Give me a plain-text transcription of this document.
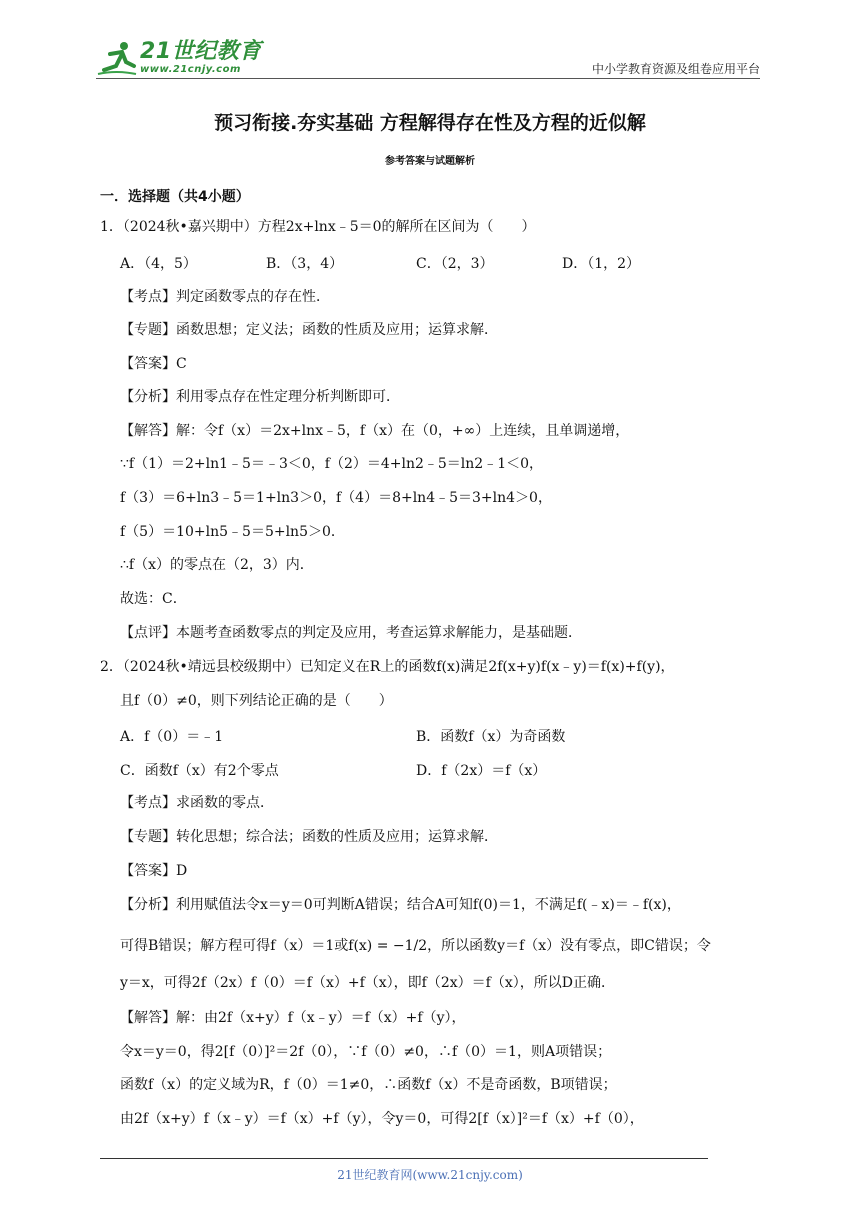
21世纪教育
www.21cnjy.com	中小学教育资源及组卷应用平台
预习衔接.夯实基础 方程解得存在性及方程的近似解
参考答案与试题解析
一．选择题（共4小题）
1．（2024秋•嘉兴期中）方程2x+lnx﹣5＝0的解所在区间为（　　）
A．（4，5）	B．（3，4）	C．（2，3）	D．（1，2）
【考点】判定函数零点的存在性．
【专题】函数思想；定义法；函数的性质及应用；运算求解．
【答案】C
【分析】利用零点存在性定理分析判断即可．
【解答】解：令f（x）＝2x+lnx﹣5，f（x）在（0，+∞）上连续，且单调递增，
∵f（1）＝2+ln1﹣5＝﹣3＜0，f（2）＝4+ln2﹣5＝ln2﹣1＜0，
f（3）＝6+ln3﹣5＝1+ln3＞0，f（4）＝8+ln4﹣5＝3+ln4＞0，
f（5）＝10+ln5﹣5＝5+ln5＞0．
∴f（x）的零点在（2，3）内．
故选：C．
【点评】本题考查函数零点的判定及应用，考查运算求解能力，是基础题．
2．（2024秋•靖远县校级期中）已知定义在R上的函数f(x)满足2f(x+y)f(x﹣y)＝f(x)+f(y)，
且f（0）≠0，则下列结论正确的是（　　）
A．f（0）＝﹣1	B．函数f（x）为奇函数
C．函数f（x）有2个零点	D．f（2x）＝f（x）
【考点】求函数的零点．
【专题】转化思想；综合法；函数的性质及应用；运算求解．
【答案】D
【分析】利用赋值法令x＝y＝0可判断A错误；结合A可知f(0)＝1，不满足f(﹣x)＝﹣f(x)，
可得B错误；解方程可得f（x）＝1或f(x) = −1/2，所以函数y＝f（x）没有零点，即C错误；令
y＝x，可得2f（2x）f（0）＝f（x）+f（x），即f（2x）＝f（x），所以D正确．
【解答】解：由2f（x+y）f（x﹣y）＝f（x）+f（y），
令x＝y＝0，得2[f（0）]²＝2f（0），∵f（0）≠0，∴f（0）＝1，则A项错误；
函数f（x）的定义域为R，f（0）＝1≠0，∴函数f（x）不是奇函数，B项错误；
由2f（x+y）f（x﹣y）＝f（x）+f（y），令y＝0，可得2[f（x）]²＝f（x）+f（0），
21世纪教育网(www.21cnjy.com)
